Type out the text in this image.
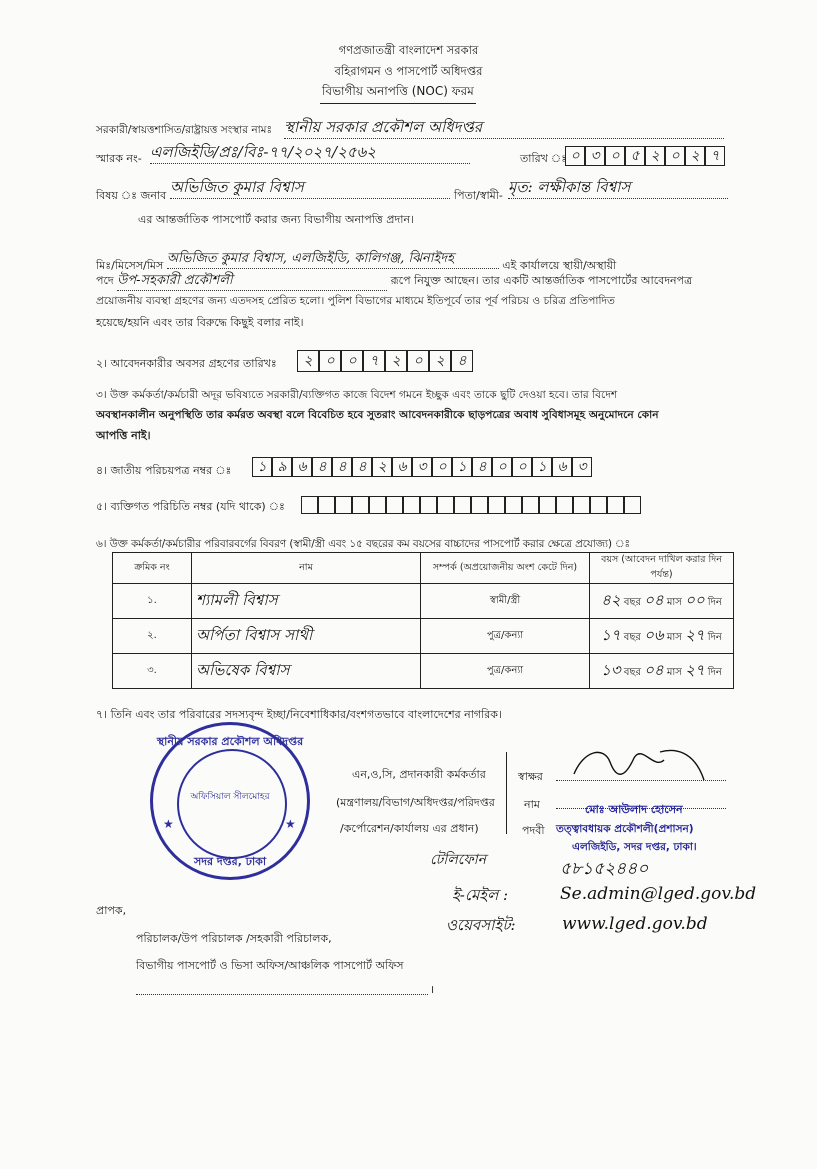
গণপ্রজাতন্ত্রী বাংলাদেশ সরকার
বহিরাগমন ও পাসপোর্ট অধিদপ্তর
বিভাগীয় অনাপত্তি (NOC) ফরম
সরকারী/স্বায়ত্তশাসিত/রাষ্ট্রায়ত্ত সংস্থার নামঃ স্থানীয় সরকার প্রকৌশল অধিদপ্তর
স্মারক নং- এলজিইডি/প্রঃ/বিঃ-৭৭/২০২৭/২৫৬২	তারিখ ঃ ০ ৩ ০ ৫ ২ ০ ২ ৭
বিষয় ঃ জনাব অভিজিত কুমার বিশ্বাস	পিতা/স্বামী- মৃত: লক্ষীকান্ত বিশ্বাস
এর আন্তর্জাতিক পাসপোর্ট করার জন্য বিভাগীয় অনাপত্তি প্রদান।
মিঃ/মিসেস/মিস অভিজিত কুমার বিশ্বাস, এলজিইডি, কালিগঞ্জ, ঝিনাইদহ	এই কার্যালয়ে স্থায়ী/অস্থায়ী
পদে উপ-সহকারী প্রকৌশলী	রূপে নিযুক্ত আছেন। তার একটি আন্তর্জাতিক পাসপোর্টের আবেদনপত্র
প্রয়োজনীয় ব্যবস্থা গ্রহণের জন্য এতদসহ প্রেরিত হলো। পুলিশ বিভাগের মাধ্যমে ইতিপূর্বে তার পূর্ব পরিচয় ও চরিত্র প্রতিপাদিত
হয়েছে/হয়নি এবং তার বিরুদ্ধে কিছুই বলার নাই।
২। আবেদনকারীর অবসর গ্রহণের তারিখঃ	২ ০ ০ ৭ ২ ০ ২ ৪
৩। উক্ত কর্মকর্তা/কর্মচারী অদূর ভবিষ্যতে সরকারী/ব্যক্তিগত কাজে বিদেশ গমনে ইচ্ছুক এবং তাকে ছুটি দেওয়া হবে। তার বিদেশ
অবস্থানকালীন অনুপস্থিতি তার কর্মরত অবস্থা বলে বিবেচিত হবে সুতরাং আবেদনকারীকে ছাড়পত্রের অবাধ সুবিধাসমূহ অনুমোদনে কোন
আপত্তি নাই।
৪। জাতীয় পরিচয়পত্র নম্বর ঃ	১ ৯ ৬ ৪ ৪ ৪ ২ ৬ ৩ ০ ১ ৪ ০ ০ ১ ৬ ৩
৫। ব্যক্তিগত পরিচিতি নম্বর (যদি থাকে) ঃ
৬। উক্ত কর্মকর্তা/কর্মচারীর পরিবারবর্গের বিবরণ (স্বামী/স্ত্রী এবং ১৫ বছরের কম বয়সের বাচ্চাদের পাসপোর্ট করার ক্ষেত্রে প্রযোজ্য) ঃ
ক্রমিক নং	নাম	সম্পর্ক (অপ্রয়োজনীয় অংশ কেটে দিন)	বয়স (আবেদন দাখিল করার দিন পর্যন্ত)
১.	শ্যামলী বিশ্বাস	স্বামী/স্ত্রী	৪২ বছর ০৪ মাস ০০ দিন
২.	অর্পিতা বিশ্বাস সাথী	পুত্র/কন্যা	১৭ বছর ০৬ মাস ২৭ দিন
৩.	অভিষেক বিশ্বাস	পুত্র/কন্যা	১৩ বছর ০৪ মাস ২৭ দিন
৭। তিনি এবং তার পরিবারের সদস্যবৃন্দ ইচ্ছা/নিবেশাধিকার/বংশগতভাবে বাংলাদেশের নাগরিক।
স্থানীয় সরকার প্রকৌশল অধিদপ্তর
অফিসিয়াল সীলমোহর
সদর দপ্তর, ঢাকা
★	★
এন,ও,সি, প্রদানকারী কর্মকর্তার
(মন্ত্রণালয়/বিভাগ/অধিদপ্তর/পরিদপ্তর
/কর্পোরেশন/কার্যালয় এর প্রধান)
স্বাক্ষর
নাম	মোঃ আউলাদ হোসেন
পদবী তত্ত্বাবধায়ক প্রকৌশলী(প্রশাসন)
এলজিইডি, সদর দপ্তর, ঢাকা।
টেলিফোন	৫৮১৫২৪৪০
ই-মেইল :	Se.admin@lged.gov.bd
ওয়েবসাইট:	www.lged.gov.bd
প্রাপক,
পরিচালক/উপ পরিচালক /সহকারী পরিচালক,
বিভাগীয় পাসপোর্ট ও ভিসা অফিস/আঞ্চলিক পাসপোর্ট অফিস
।
